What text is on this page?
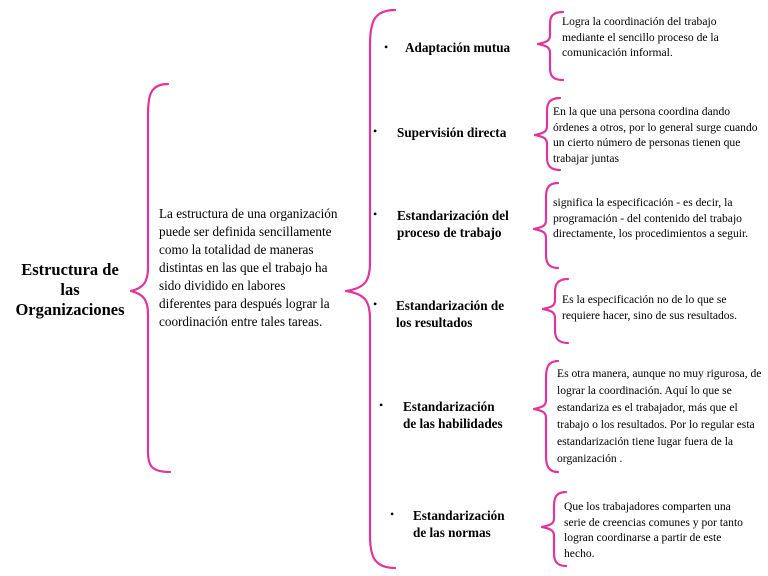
Estructura de
las
Organizaciones
La estructura de una organización puede ser definida sencillamente como la totalidad de maneras distintas en las que el trabajo ha sido dividido en labores diferentes para después lograr la coordinación entre tales tareas.
• Adaptación mutua
Logra la coordinación del trabajo mediante el sencillo proceso de la comunicación informal.
• Supervisión directa
En la que una persona coordina dando órdenes a otros, por lo general surge cuando un cierto número de personas tienen que trabajar juntas
• Estandarización del
proceso de trabajo
significa la especificación - es decir, la programación - del contenido del trabajo directamente, los procedimientos a seguir.
• Estandarización de
los resultados
Es la especificación no de lo que se requiere hacer, sino de sus resultados.
• Estandarización
de las habilidades
Es otra manera, aunque no muy rigurosa, de lograr la coordinación. Aquí lo que se estandariza es el trabajador, más que el trabajo o los resultados. Por lo regular esta estandarización tiene lugar fuera de la organización .
• Estandarización
de las normas
Que los trabajadores comparten una serie de creencias comunes y por tanto logran coordinarse a partir de este hecho.
